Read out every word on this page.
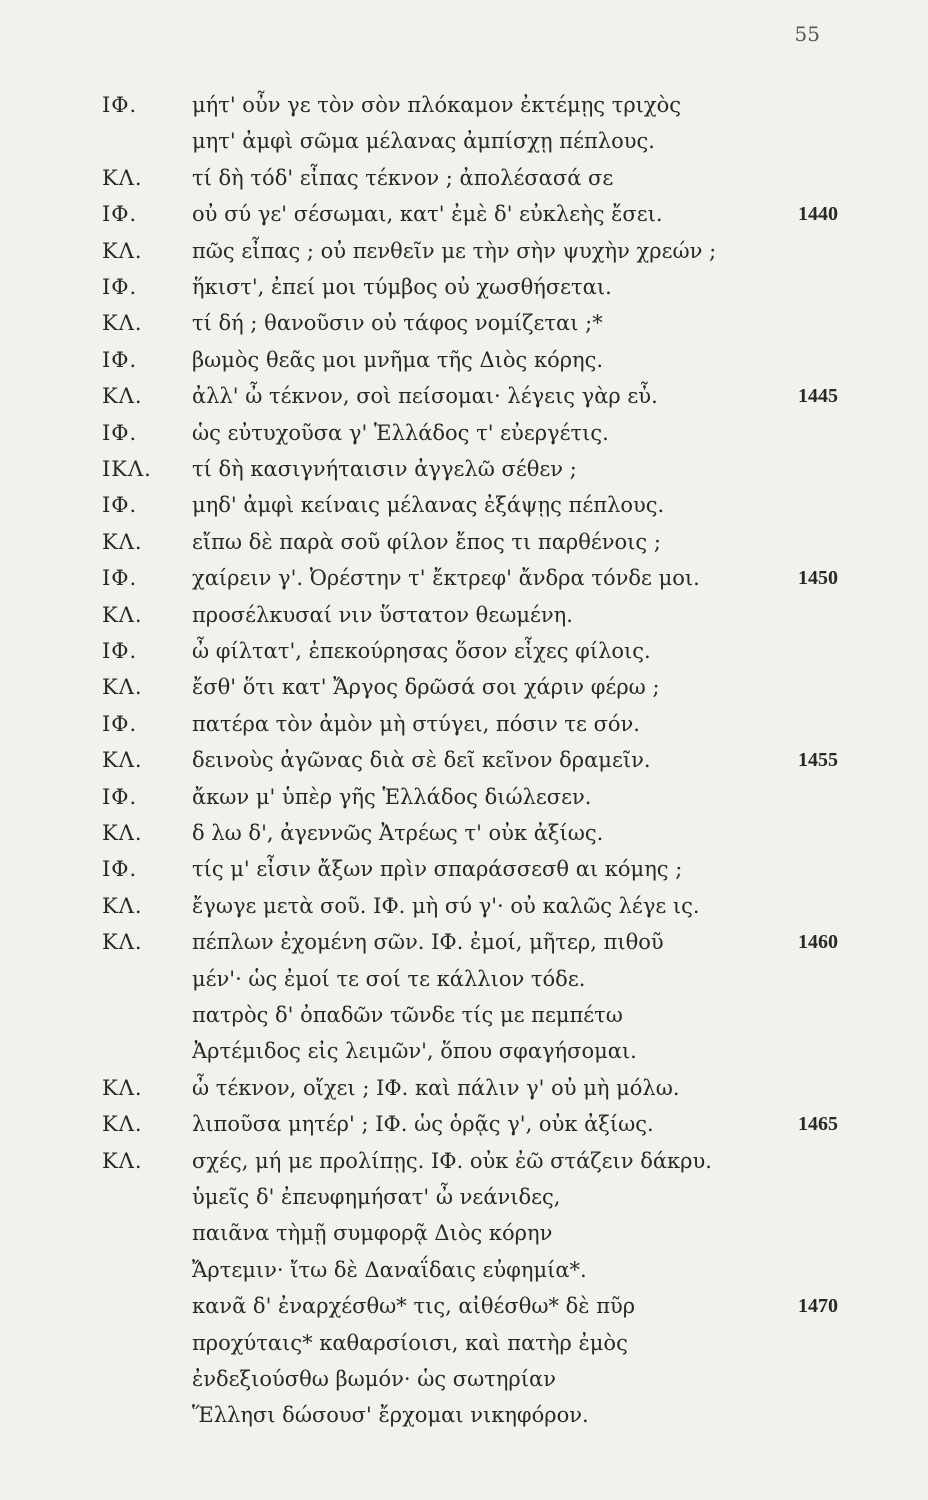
55
ΙΦ.	μήτ' οὖν γε τὸν σὸν πλόκαμον ἐκτέμῃς τριχὸς
μητ' ἀμφὶ σῶμα μέλανας ἀμπίσχῃ πέπλους.
ΚΛ.	τί δὴ τόδ' εἶπας τέκνον ; ἀπολέσασά σε
ΙΦ.	οὐ σύ γε' σέσωμαι, κατ' ἐμὲ δ' εὐκλεὴς ἔσει.	1440
ΚΛ.	πῶς εἶπας ; οὐ πενθεῖν με τὴν σὴν ψυχὴν χρεών ;
ΙΦ.	ἥκιστ', ἐπεί μοι τύμβος οὐ χωσθήσεται.
ΚΛ.	τί δή ; θανοῦσιν οὐ τάφος νομίζεται ;*
ΙΦ.	βωμὸς θεᾶς μοι μνῆμα τῆς Διὸς κόρης.
ΚΛ.	ἀλλ' ὦ τέκνον, σοὶ πείσομαι· λέγεις γὰρ εὖ.	1445
ΙΦ.	ὡς εὐτυχοῦσα γ' Ἑλλάδος τ' εὐεργέτις.
ΙΚΛ.	τί δὴ κασιγνήταισιν ἀγγελῶ σέθεν ;
ΙΦ.	μηδ' ἀμφὶ κείναις μέλανας ἐξάψῃς πέπλους.
ΚΛ.	εἴπω δὲ παρὰ σοῦ φίλον ἔπος τι παρθένοις ;
ΙΦ.	χαίρειν γ'. Ὀρέστην τ' ἔκτρεφ' ἄνδρα τόνδε μοι.	1450
ΚΛ.	προσέλκυσαί νιν ὕστατον θεωμένη.
ΙΦ.	ὦ φίλτατ', ἐπεκούρησας ὅσον εἶχες φίλοις.
ΚΛ.	ἔσθ' ὅτι κατ' Ἄργος δρῶσά σοι χάριν φέρω ;
ΙΦ.	πατέρα τὸν ἀμὸν μὴ στύγει, πόσιν τε σόν.
ΚΛ.	δεινοὺς ἀγῶνας διὰ σὲ δεῖ κεῖνον δραμεῖν.	1455
ΙΦ.	ἄκων μ' ὑπὲρ γῆς Ἑλλάδος διώλεσεν.
ΚΛ.	δ λω δ', ἀγεννῶς Ἀτρέως τ' οὐκ ἀξίως.
ΙΦ.	τίς μ' εἶσιν ἄξων πρὶν σπαράσσεσθ αι κόμης ;
ΚΛ.	ἔγωγε μετὰ σοῦ. ΙΦ. μὴ σύ γ'· οὐ καλῶς λέγε ις.
ΚΛ.	πέπλων ἐχομένη σῶν. ΙΦ. ἐμοί, μῆτερ, πιθοῦ	1460
μέν'· ὡς ἐμοί τε σοί τε κάλλιον τόδε.
πατρὸς δ' ὀπαδῶν τῶνδε τίς με πεμπέτω
Ἀρτέμιδος εἰς λειμῶν', ὅπου σφαγήσομαι.
ΚΛ.	ὦ τέκνον, οἴχει ; ΙΦ. καὶ πάλιν γ' οὐ μὴ μόλω.
ΚΛ.	λιποῦσα μητέρ' ; ΙΦ. ὡς ὁρᾷς γ', οὐκ ἀξίως.	1465
ΚΛ.	σχές, μή με προλίπῃς. ΙΦ. οὐκ ἐῶ στάζειν δάκρυ.
ὑμεῖς δ' ἐπευφημήσατ' ὦ νεάνιδες,
παιᾶνα τὴμῇ συμφορᾷ Διὸς κόρην
Ἄρτεμιν· ἴτω δὲ Δαναΐδαις εὐφημία*.
κανᾶ δ' ἐναρχέσθω* τις, αἰθέσθω* δὲ πῦρ	1470
προχύταις* καθαρσίοισι, καὶ πατὴρ ἐμὸς
ἐνδεξιούσθω βωμόν· ὡς σωτηρίαν
Ἕλλησι δώσουσ' ἔρχομαι νικηφόρον.
